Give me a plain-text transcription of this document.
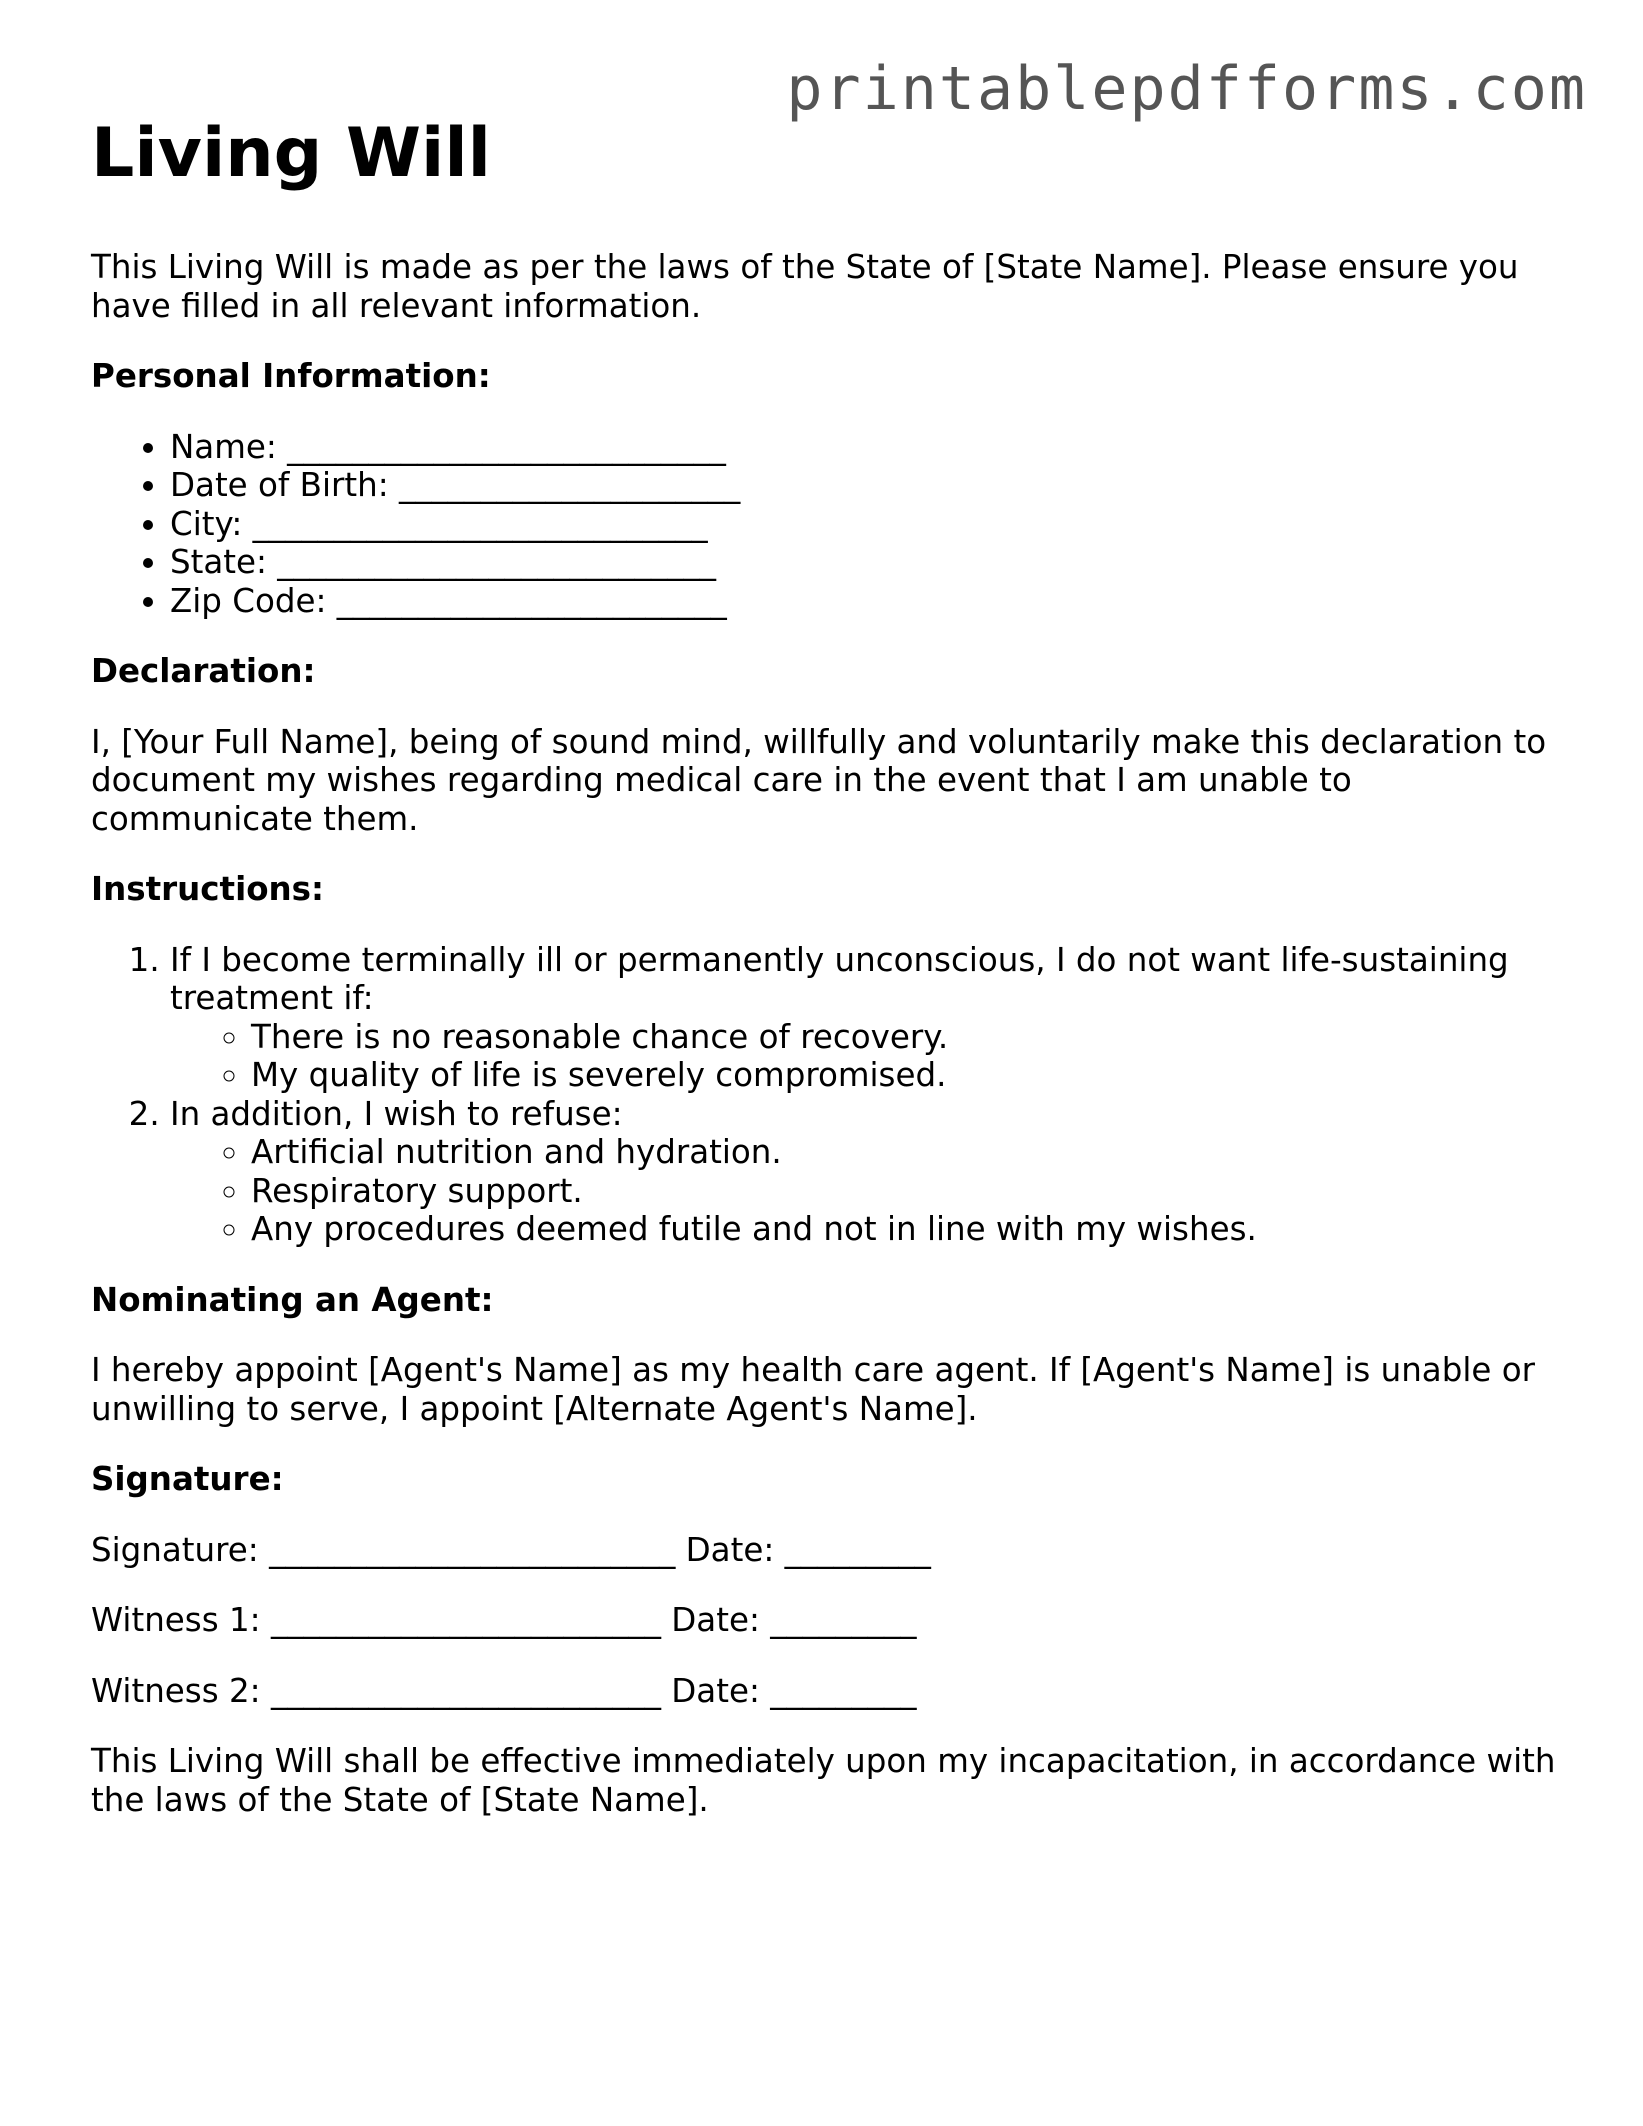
printablepdfforms.com
Living Will

This Living Will is made as per the laws of the State of [State Name]. Please ensure you have filled in all relevant information.

Personal Information:
• Name: ___________________________
• Date of Birth: _____________________
• City: ____________________________
• State: ___________________________
• Zip Code: ________________________
Declaration:

I, [Your Full Name], being of sound mind, willfully and voluntarily make this declaration to document my wishes regarding medical care in the event that I am unable to communicate them.

Instructions:
1. If I become terminally ill or permanently unconscious, I do not want life-sustaining treatment if:
◦ There is no reasonable chance of recovery.
◦ My quality of life is severely compromised.
2. In addition, I wish to refuse:
◦ Artificial nutrition and hydration.
◦ Respiratory support.
◦ Any procedures deemed futile and not in line with my wishes.
Nominating an Agent:

I hereby appoint [Agent's Name] as my health care agent. If [Agent's Name] is unable or unwilling to serve, I appoint [Alternate Agent's Name].

Signature:
Signature: _________________________ Date: _________
Witness 1: ________________________ Date: _________
Witness 2: ________________________ Date: _________

This Living Will shall be effective immediately upon my incapacitation, in accordance with the laws of the State of [State Name].
